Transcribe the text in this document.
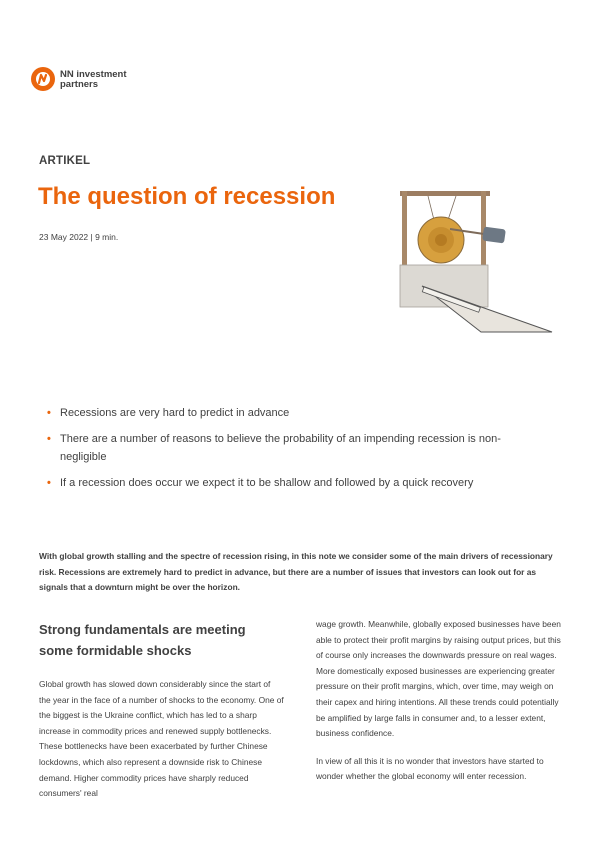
NN investment
partners
ARTIKEL
The question of recession
23 May 2022 | 9 min.
• Recessions are very hard to predict in advance
• There are a number of reasons to believe the probability of an impending recession is non-negligible
• If a recession does occur we expect it to be shallow and followed by a quick recovery

With global growth stalling and the spectre of recession rising, in this note we consider some of the main drivers of recessionary risk. Recessions are extremely hard to predict in advance, but there are a number of issues that investors can look out for as signals that a downturn might be over the horizon.

Strong fundamentals are meeting some formidable shocks

Global growth has slowed down considerably since the start of the year in the face of a number of shocks to the economy. One of the biggest is the Ukraine conflict, which has led to a sharp increase in commodity prices and renewed supply bottlenecks. These bottlenecks have been exacerbated by further Chinese lockdowns, which also represent a downside risk to Chinese demand. Higher commodity prices have sharply reduced consumers' real

wage growth. Meanwhile, globally exposed businesses have been able to protect their profit margins by raising output prices, but this of course only increases the downwards pressure on real wages. More domestically exposed businesses are experiencing greater pressure on their profit margins, which, over time, may weigh on their capex and hiring intentions. All these trends could potentially be amplified by large falls in consumer and, to a lesser extent, business confidence.

In view of all this it is no wonder that investors have started to wonder whether the global economy will enter recession.
